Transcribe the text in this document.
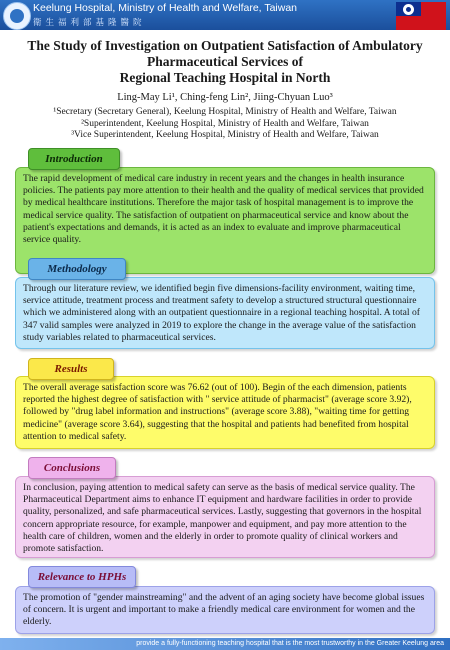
Keelung Hospital, Ministry of Health and Welfare, Taiwan
衛生福利部基隆醫院
The Study of Investigation on Outpatient Satisfaction of Ambulatory
Pharmaceutical Services of
Regional Teaching Hospital in North
Ling-May Li¹, Ching-feng Lin², Jiing-Chyuan Luo³
¹Secretary (Secretary General), Keelung Hospital, Ministry of Health and Welfare, Taiwan
²Superintendent, Keelung Hospital, Ministry of Health and Welfare, Taiwan
³Vice Superintendent, Keelung Hospital, Ministry of Health and Welfare, Taiwan
The rapid development of medical care industry in recent years and the changes in health insurance policies. The patients pay more attention to their health and the quality of medical services that provided by medical healthcare institutions. Therefore the major task of hospital management is to improve the medical service quality. The satisfaction of outpatient on pharmaceutical service and know about the patient's expectations and demands, it is acted as an index to evaluate and improve pharmaceutical service quality.
Introduction
Through our literature review, we identified begin five dimensions-facility environment, waiting time, service attitude, treatment process and treatment safety to develop a structured structural questionnaire which we administered along with an outpatient questionnaire in a regional teaching hospital. A total of 347 valid samples were analyzed in 2019 to explore the change in the average value of the satisfaction study variables related to pharmaceutical services.
Methodology
The overall average satisfaction score was 76.62 (out of 100). Begin of the each dimension, patients reported the highest degree of satisfaction with " service attitude of pharmacist" (average score 3.92), followed by "drug label information and instructions" (average score 3.88), "waiting time for getting medicine" (average score 3.64), suggesting that the hospital and patients had benefited from hospital attention to medical safety.
Results
In conclusion, paying attention to medical safety can serve as the basis of medical service quality. The Pharmaceutical Department aims to enhance IT equipment and hardware facilities in order to provide quality, personalized, and safe pharmaceutical services. Lastly, suggesting that governors in the hospital concern appropriate resource, for example, manpower and equipment, and pay more attention to the health care of children, women and the elderly in order to promote quality of clinical workers and promote satisfaction.
Conclusions
The promotion of "gender mainstreaming" and the advent of an aging society have become global issues of concern. It is urgent and important to make a friendly medical care environment for women and the elderly.
Relevance to HPHs
provide a fully-functioning teaching hospital that is the most trustworthy in the Greater Keelung area
